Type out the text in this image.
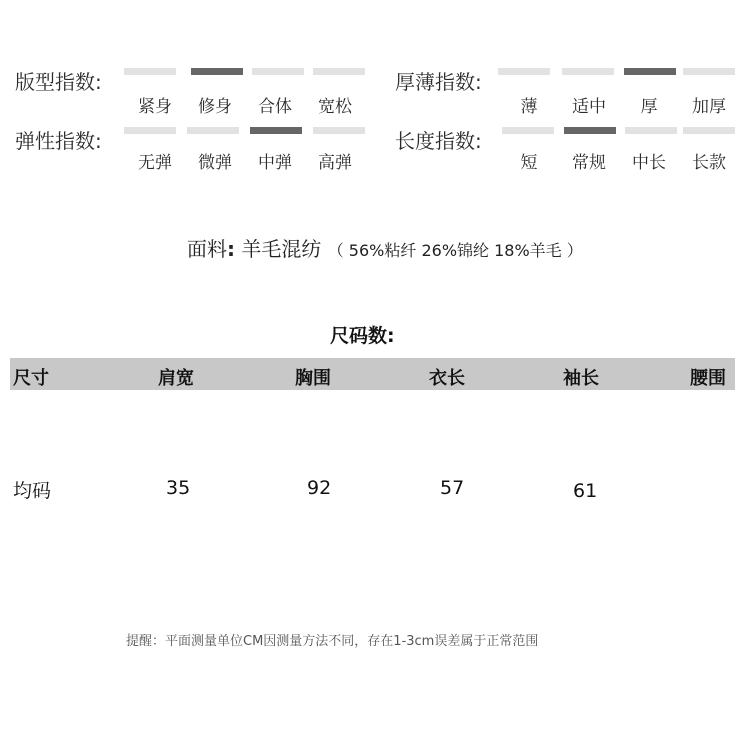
版型指数:
紧身	修身	合体	宽松
厚薄指数:
薄	适中	厚	加厚
弹性指数:
无弹	微弹	中弹	高弹
长度指数:
短	常规	中长	长款
面料: 羊毛混纺 （ 56%粘纤 26%锦纶 18%羊毛 ）
尺码数:
尺寸	肩宽	胸围	衣长	袖长	腰围
均码	35	92	57	61
提醒：平面测量单位CM因测量方法不同，存在1-3cm误差属于正常范围
